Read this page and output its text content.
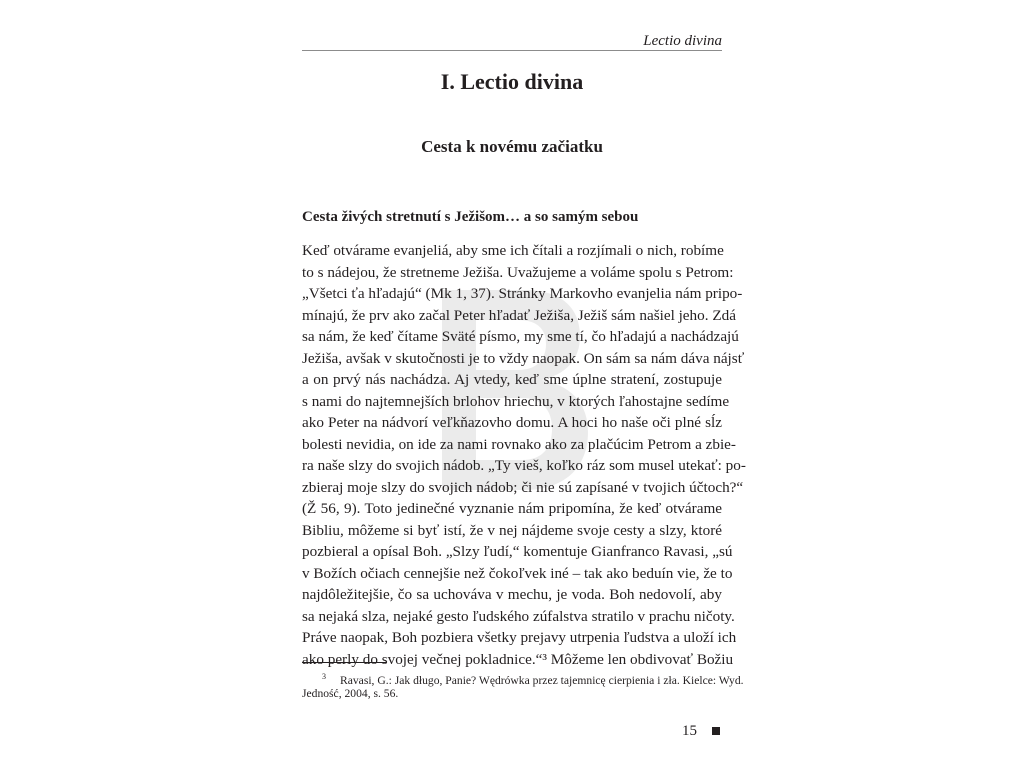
Lectio divina
I. Lectio divina
Cesta k novému začiatku
Cesta živých stretnutí s Ježišom… a so samým sebou
Keď otvárame evanjeliá, aby sme ich čítali a rozjímali o nich, robíme
to s nádejou, že stretneme Ježiša. Uvažujeme a voláme spolu s Petrom:
„Všetci ťa hľadajú“ (Mk 1, 37). Stránky Markovho evanjelia nám pripo-
mínajú, že prv ako začal Peter hľadať Ježiša, Ježiš sám našiel jeho. Zdá
sa nám, že keď čítame Sväté písmo, my sme tí, čo hľadajú a nachádzajú
Ježiša, avšak v skutočnosti je to vždy naopak. On sám sa nám dáva nájsť
a on prvý nás nachádza. Aj vtedy, keď sme úplne stratení, zostupuje
s nami do najtemnejších brlohov hriechu, v ktorých ľahostajne sedíme
ako Peter na nádvorí veľkňazovho domu. A hoci ho naše oči plné sĺz
bolesti nevidia, on ide za nami rovnako ako za plačúcim Petrom a zbie-
ra naše slzy do svojich nádob. „Ty vieš, koľko ráz som musel utekať: po-
zbieraj moje slzy do svojich nádob; či nie sú zapísané v tvojich účtoch?“
(Ž 56, 9). Toto jedinečné vyznanie nám pripomína, že keď otvárame
Bibliu, môžeme si byť istí, že v nej nájdeme svoje cesty a slzy, ktoré
pozbieral a opísal Boh. „Slzy ľudí,“ komentuje Gianfranco Ravasi, „sú
v Božích očiach cennejšie než čokoľvek iné – tak ako beduín vie, že to
najdôležitejšie, čo sa uchováva v mechu, je voda. Boh nedovolí, aby
sa nejaká slza, nejaké gesto ľudského zúfalstva stratilo v prachu ničoty.
Práve naopak, Boh pozbiera všetky prejavy utrpenia ľudstva a uloží ich
ako perly do svojej večnej pokladnice.“³ Môžeme len obdivovať Božiu
$^3$ Ravasi, G.: Jak długo, Panie? Wędrówka przez tajemnicę cierpienia i zła. Kielce: Wyd.
Jedność, 2004, s. 56.
15
